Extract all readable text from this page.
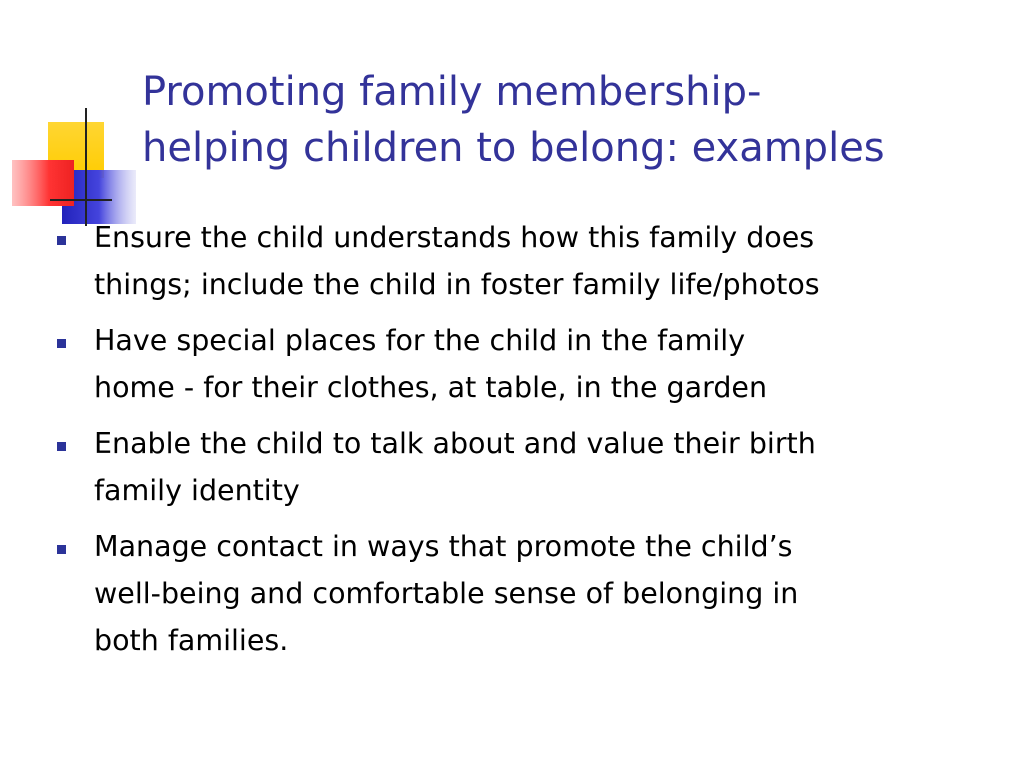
Promoting family membership-
helping children to belong: examples
Ensure the child understands how this family does
things; include the child in foster family life/photos
Have special places for the child in the family
home - for their clothes, at table, in the garden
Enable the child to talk about and value their birth
family identity
Manage contact in ways that promote the child’s
well-being and comfortable sense of belonging in
both families.
